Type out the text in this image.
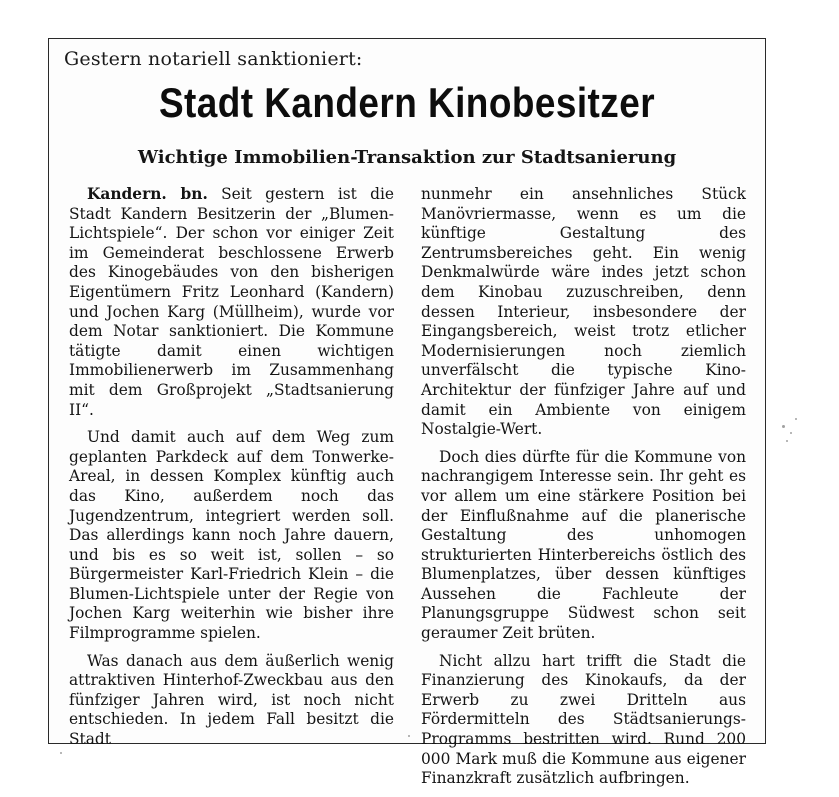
Gestern notariell sanktioniert:
Stadt Kandern Kinobesitzer
Wichtige Immobilien-Transaktion zur Stadtsanierung

Kandern. bn. Seit gestern ist die Stadt Kandern Besitzerin der „Blumen-Lichtspiele“. Der schon vor einiger Zeit im Gemeinderat beschlossene Erwerb des Kinogebäudes von den bisherigen Eigentümern Fritz Leonhard (Kandern) und Jochen Karg (Müllheim), wurde vor dem Notar sanktioniert. Die Kommune tätigte damit einen wichtigen Immobilienerwerb im Zusammenhang mit dem Großprojekt „Stadtsanierung II“.

Und damit auch auf dem Weg zum geplanten Parkdeck auf dem Tonwerke-Areal, in dessen Komplex künftig auch das Kino, außerdem noch das Jugendzentrum, integriert werden soll. Das allerdings kann noch Jahre dauern, und bis es so weit ist, sollen – so Bürgermeister Karl-Friedrich Klein – die Blumen-Lichtspiele unter der Regie von Jochen Karg weiterhin wie bisher ihre Filmprogramme spielen.

Was danach aus dem äußerlich wenig attraktiven Hinterhof-Zweckbau aus den fünfziger Jahren wird, ist noch nicht entschieden. In jedem Fall besitzt die Stadt

nunmehr ein ansehnliches Stück Manövriermasse, wenn es um die künftige Gestaltung des Zentrumsbereiches geht. Ein wenig Denkmalwürde wäre indes jetzt schon dem Kinobau zuzuschreiben, denn dessen Interieur, insbesondere der Eingangsbereich, weist trotz etlicher Modernisierungen noch ziemlich unverfälscht die typische Kino-Architektur der fünfziger Jahre auf und damit ein Ambiente von einigem Nostalgie-Wert.

Doch dies dürfte für die Kommune von nachrangigem Interesse sein. Ihr geht es vor allem um eine stärkere Position bei der Einflußnahme auf die planerische Gestaltung des unhomogen strukturierten Hinterbereichs östlich des Blumenplatzes, über dessen künftiges Aussehen die Fachleute der Planungsgruppe Südwest schon seit geraumer Zeit brüten.

Nicht allzu hart trifft die Stadt die Finanzierung des Kinokaufs, da der Erwerb zu zwei Dritteln aus Fördermitteln des Städtsanierungs-Programms bestritten wird. Rund 200 000 Mark muß die Kommune aus eigener Finanzkraft zusätzlich aufbringen.
